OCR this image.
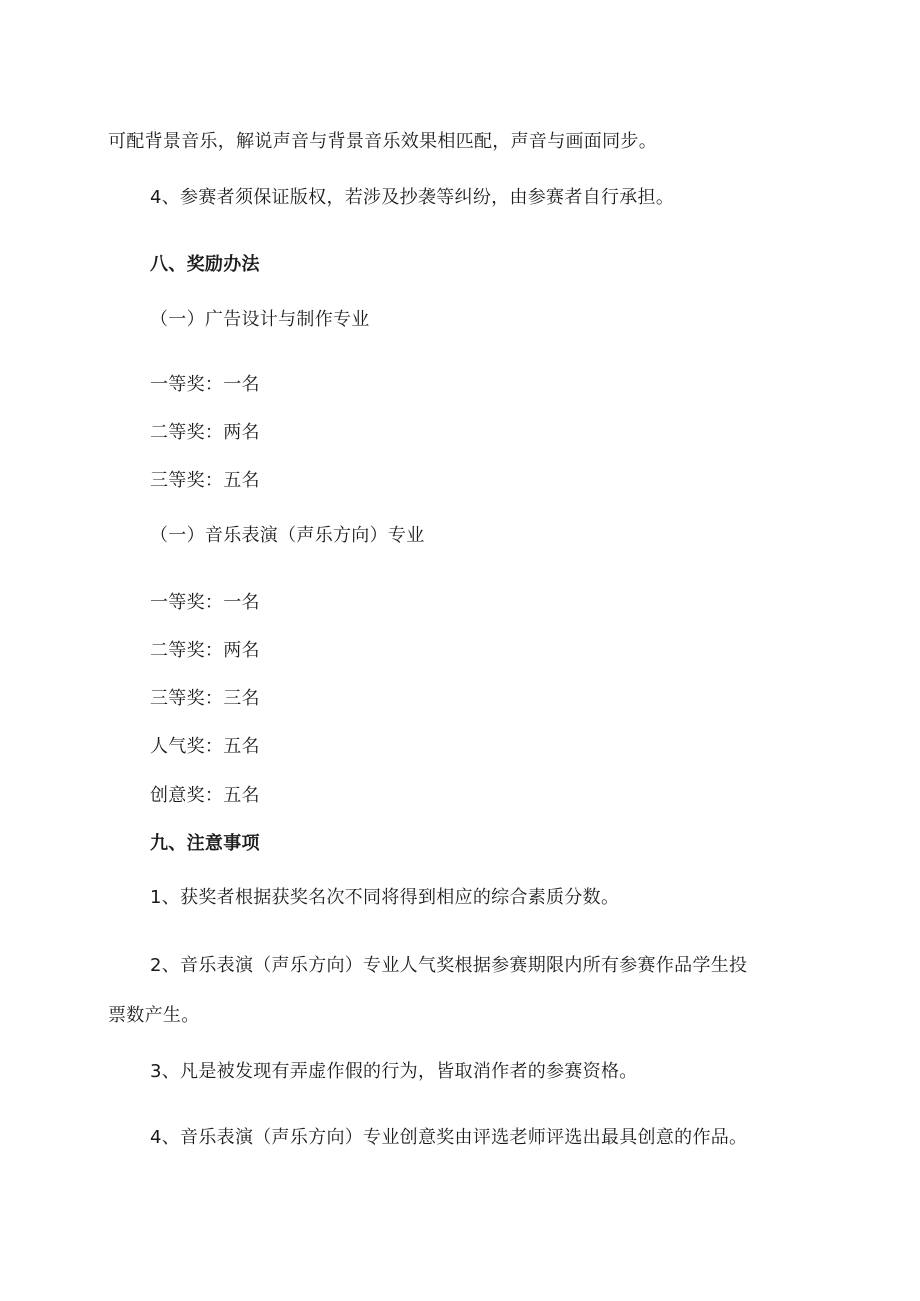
可配背景音乐，解说声音与背景音乐效果相匹配，声音与画面同步。
4、参赛者须保证版权，若涉及抄袭等纠纷，由参赛者自行承担。
八、奖励办法
（一）广告设计与制作专业
一等奖：一名
二等奖：两名
三等奖：五名
（一）音乐表演（声乐方向）专业
一等奖：一名
二等奖：两名
三等奖：三名
人气奖：五名
创意奖：五名
九、注意事项
1、获奖者根据获奖名次不同将得到相应的综合素质分数。
2、音乐表演（声乐方向）专业人气奖根据参赛期限内所有参赛作品学生投
票数产生。
3、凡是被发现有弄虚作假的行为，皆取消作者的参赛资格。
4、音乐表演（声乐方向）专业创意奖由评选老师评选出最具创意的作品。
